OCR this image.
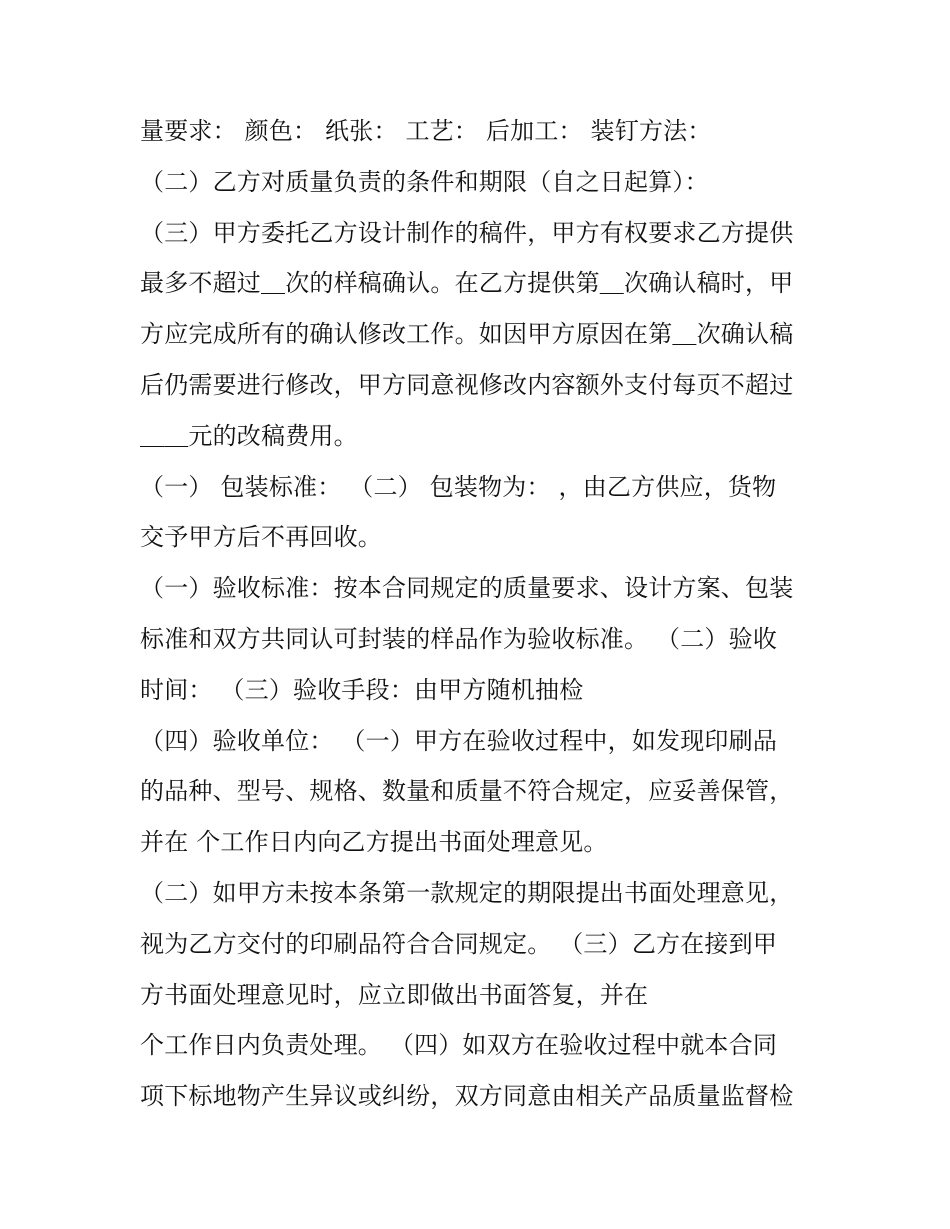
量要求： 颜色： 纸张： 工艺： 后加工： 装钉方法：
（二）乙方对质量负责的条件和期限（自之日起算）：
（三）甲方委托乙方设计制作的稿件，甲方有权要求乙方提供
最多不超过＿次的样稿确认。在乙方提供第＿次确认稿时，甲
方应完成所有的确认修改工作。如因甲方原因在第＿次确认稿
后仍需要进行修改，甲方同意视修改内容额外支付每页不超过
＿＿元的改稿费用。
（一） 包装标准： （二） 包装物为： ，由乙方供应，货物
交予甲方后不再回收。
（一）验收标准：按本合同规定的质量要求、设计方案、包装
标准和双方共同认可封装的样品作为验收标准。 （二）验收
时间： （三）验收手段：由甲方随机抽检
（四）验收单位： （一）甲方在验收过程中，如发现印刷品
的品种、型号、规格、数量和质量不符合规定，应妥善保管，
并在 个工作日内向乙方提出书面处理意见。
（二）如甲方未按本条第一款规定的期限提出书面处理意见，
视为乙方交付的印刷品符合合同规定。 （三）乙方在接到甲
方书面处理意见时，应立即做出书面答复，并在
个工作日内负责处理。 （四）如双方在验收过程中就本合同
项下标地物产生异议或纠纷，双方同意由相关产品质量监督检
